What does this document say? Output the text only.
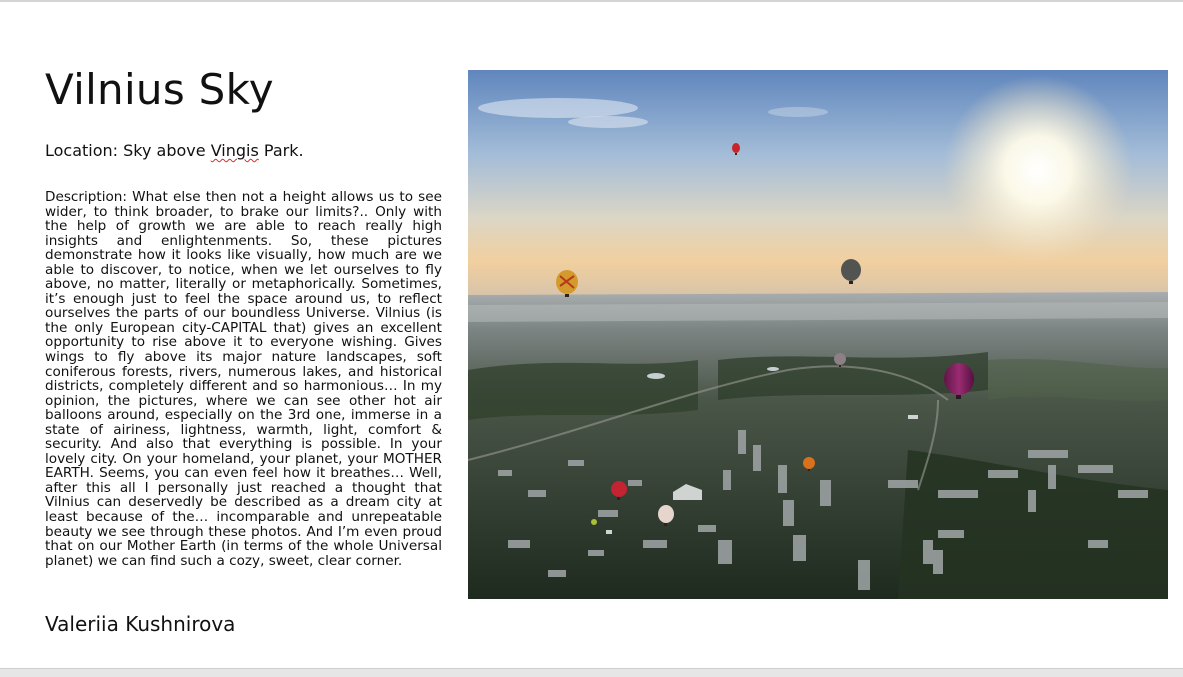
Vilnius Sky
Location: Sky above Vingis Park.
Description: What else then not a height allows us to see wider, to think broader, to brake our limits?.. Only with the help of growth we are able to reach really high insights and enlightenments. So, these pictures demonstrate how it looks like visually, how much are we able to discover, to notice, when we let ourselves to fly above, no matter, literally or metaphorically. Sometimes, it’s enough just to feel the space around us, to reflect ourselves the parts of our boundless Universe. Vilnius (is the only European city-CAPITAL that) gives an excellent opportunity to rise above it to everyone wishing. Gives wings to fly above its major nature landscapes, soft coniferous forests, rivers, numerous lakes, and historical districts, completely different and so harmonious… In my opinion, the pictures, where we can see other hot air balloons around, especially on the 3rd one, immerse in a state of airiness, lightness, warmth, light, comfort & security. And also that everything is possible. In your lovely city. On your homeland, your planet, your MOTHER EARTH. Seems, you can even feel how it breathes… Well, after this all I personally just reached a thought that Vilnius can deservedly be described as a dream city at least because of the… incomparable and unrepeatable beauty we see through these photos. And I’m even proud that on our Mother Earth (in terms of the whole Universal planet) we can find such a cozy, sweet, clear corner.
Valeriia Kushnirova
